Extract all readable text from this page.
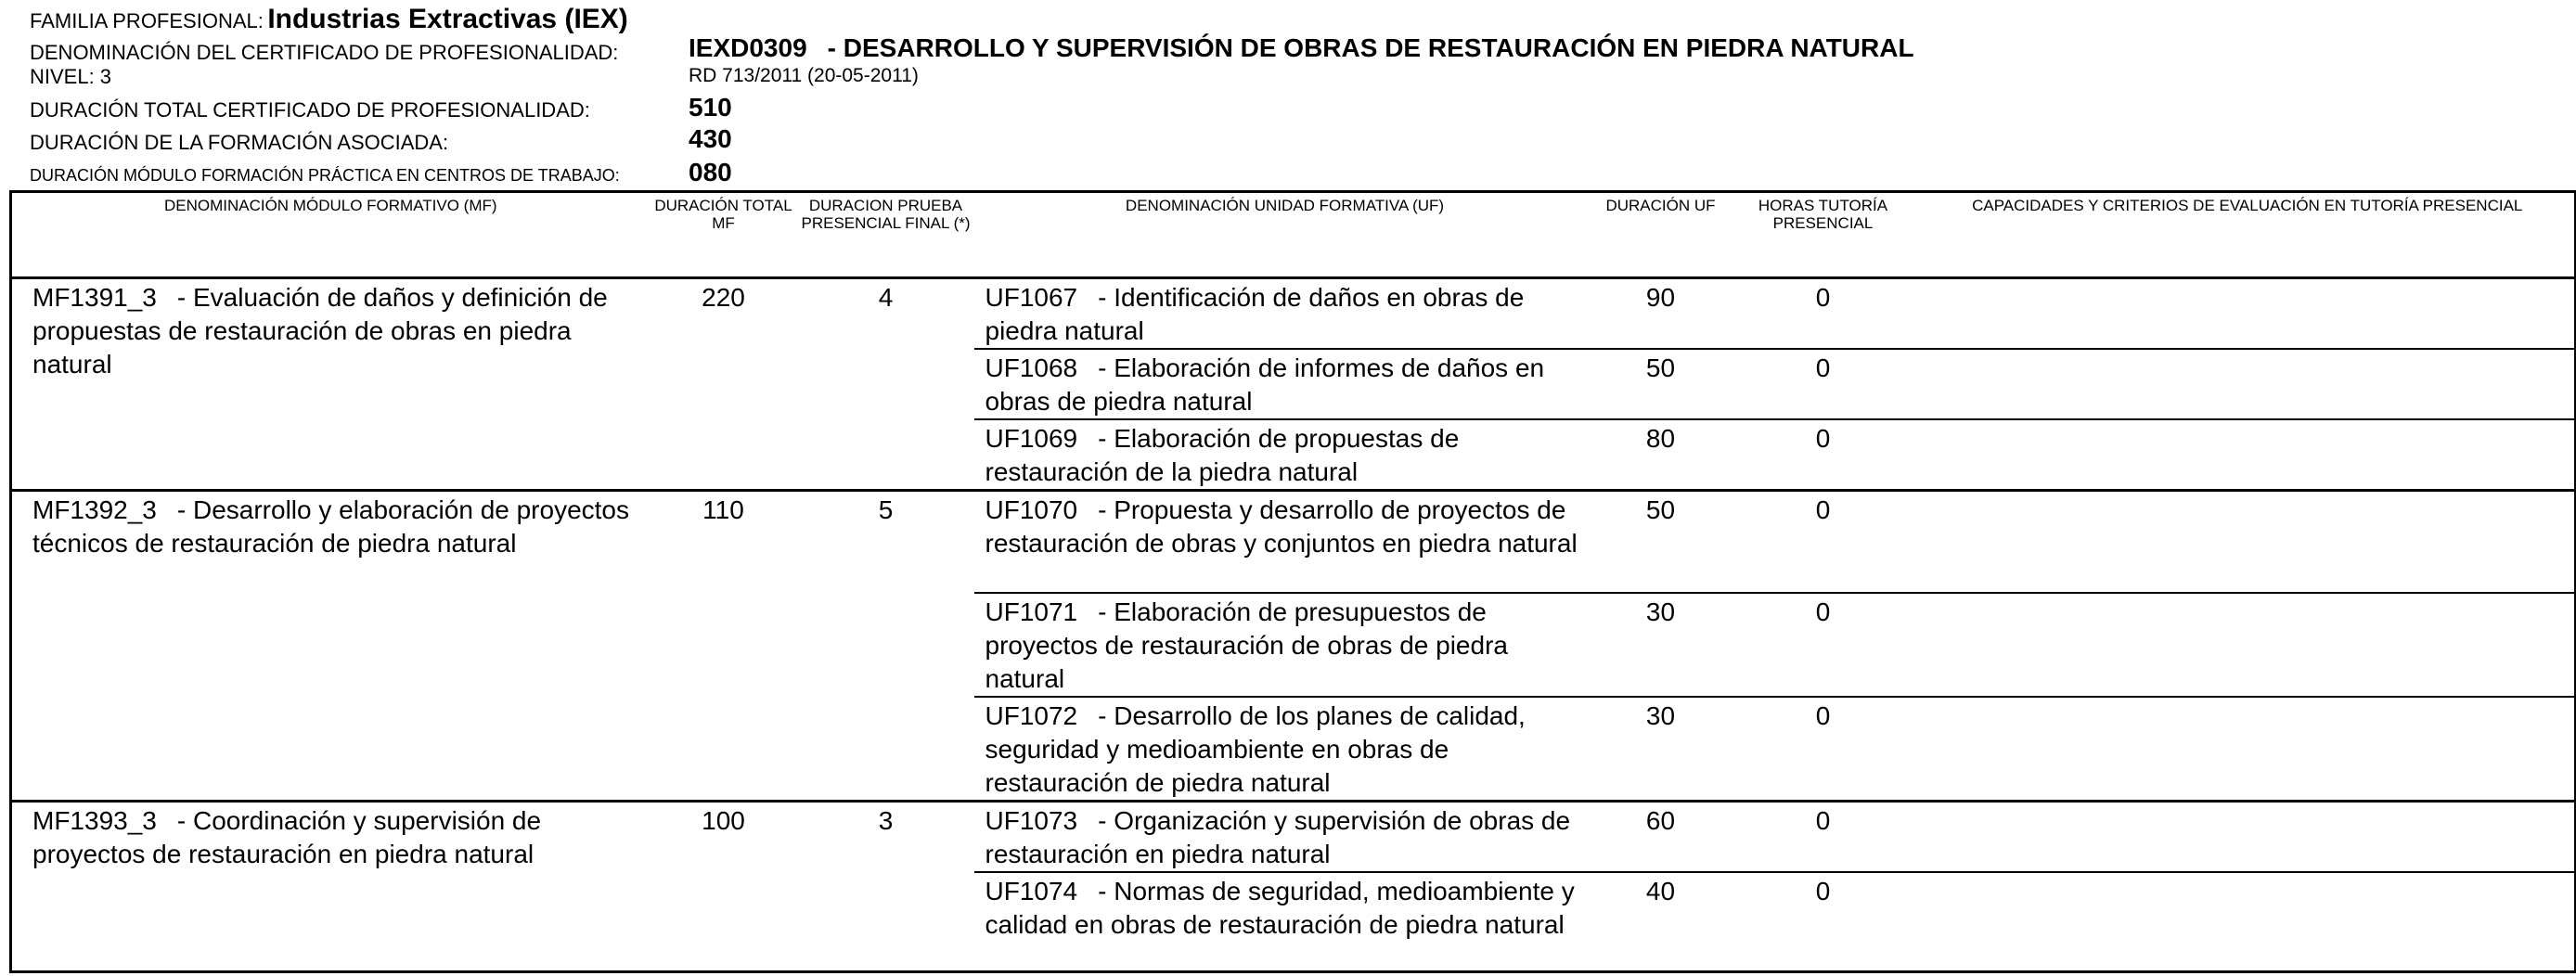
FAMILIA PROFESIONAL: Industrias Extractivas (IEX)
DENOMINACIÓN DEL CERTIFICADO DE PROFESIONALIDAD:	IEXD0309 - DESARROLLO Y SUPERVISIÓN DE OBRAS DE RESTAURACIÓN EN PIEDRA NATURAL
NIVEL: 3	RD 713/2011 (20-05-2011)
DURACIÓN TOTAL CERTIFICADO DE PROFESIONALIDAD:	510
DURACIÓN DE LA FORMACIÓN ASOCIADA:	430
DURACIÓN MÓDULO FORMACIÓN PRÁCTICA EN CENTROS DE TRABAJO:	080
DENOMINACIÓN MÓDULO FORMATIVO (MF)	DURACIÓN TOTAL MF	DURACION PRUEBA PRESENCIAL FINAL (*)	DENOMINACIÓN UNIDAD FORMATIVA (UF)	DURACIÓN UF	HORAS TUTORÍA PRESENCIAL	CAPACIDADES Y CRITERIOS DE EVALUACIÓN EN TUTORÍA PRESENCIAL
MF1391_3 - Evaluación de daños y definición de propuestas de restauración de obras en piedra natural	220	4	UF1067 - Identificación de daños en obras de piedra natural	90	0	
			UF1068 - Elaboración de informes de daños en obras de piedra natural	50	0	
			UF1069 - Elaboración de propuestas de restauración de la piedra natural	80	0	
MF1392_3 - Desarrollo y elaboración de proyectos técnicos de restauración de piedra natural	110	5	UF1070 - Propuesta y desarrollo de proyectos de restauración de obras y conjuntos en piedra natural	50	0	
			UF1071 - Elaboración de presupuestos de proyectos de restauración de obras de piedra natural	30	0	
			UF1072 - Desarrollo de los planes de calidad, seguridad y medioambiente en obras de restauración de piedra natural	30	0	
MF1393_3 - Coordinación y supervisión de proyectos de restauración en piedra natural	100	3	UF1073 - Organización y supervisión de obras de restauración en piedra natural	60	0	
			UF1074 - Normas de seguridad, medioambiente y calidad en obras de restauración de piedra natural	40	0	
